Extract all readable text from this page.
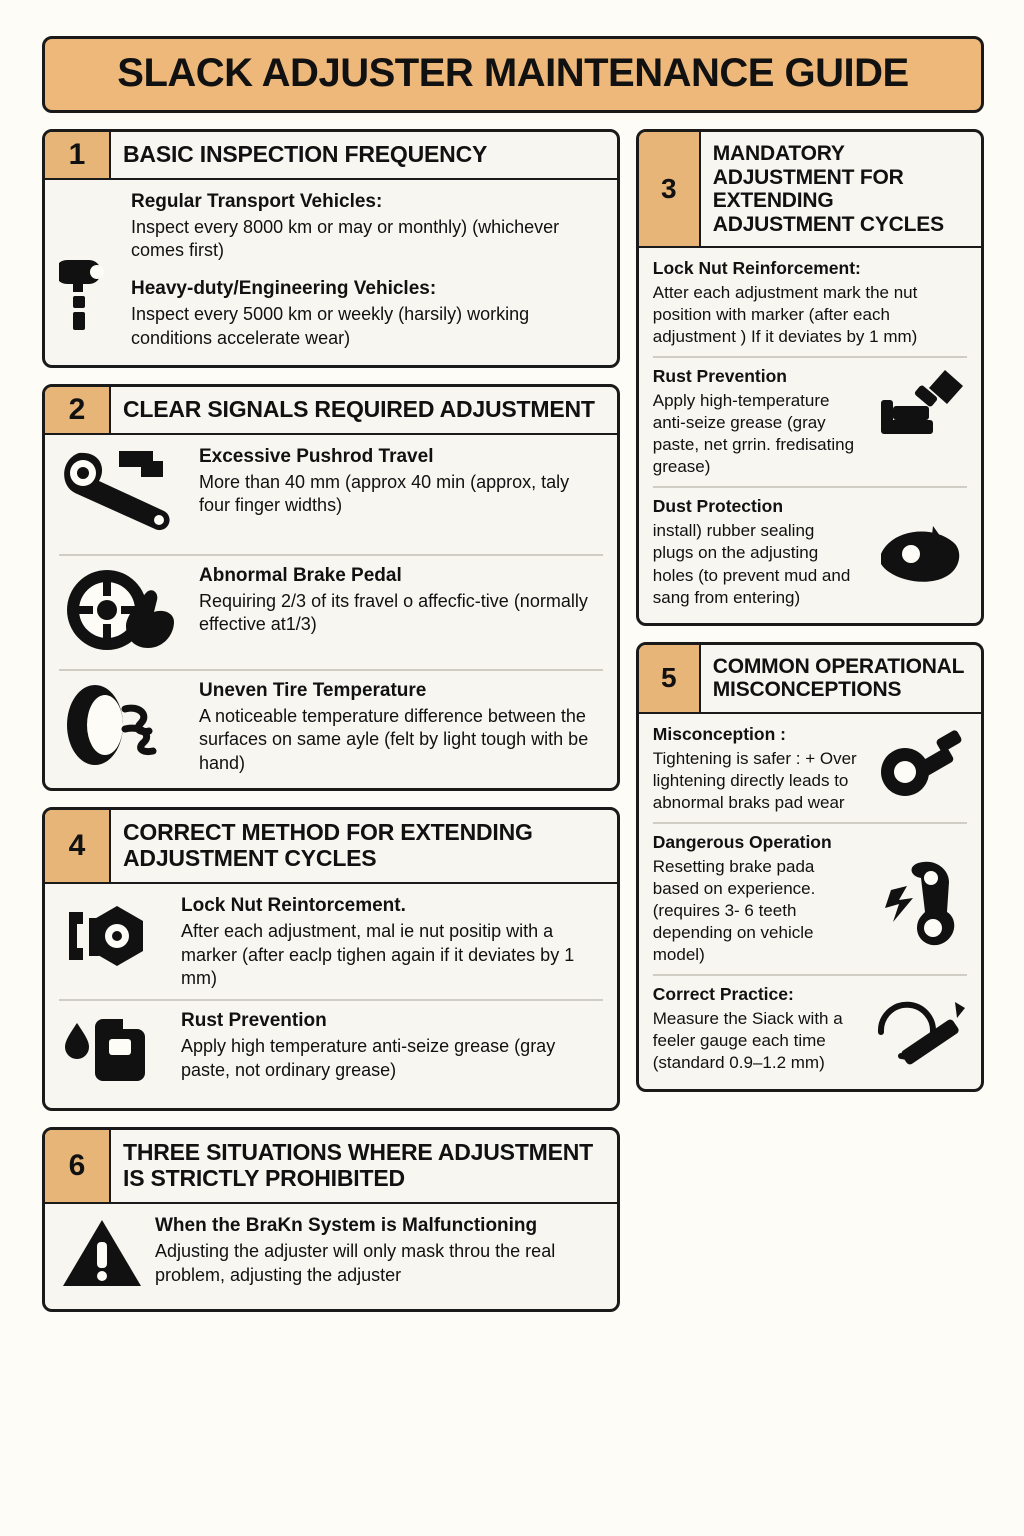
SLACK ADJUSTER MAINTENANCE GUIDE
1	BASIC INSPECTION FREQUENCY

Regular Transport Vehicles:

Inspect every 8000 km or may or monthly) (whichever comes first)

Heavy-duty/Engineering Vehicles:

Inspect every 5000 km or weekly (harsily) working conditions accelerate wear)

2	CLEAR SIGNALS REQUIRED ADJUSTMENT

Excessive Pushrod Travel

More than 40 mm (approx 40 min (approx, taly four finger widths)

Abnormal Brake Pedal

Requiring 2/3 of its fravel o affecfic-tive (normally effective at1/3)

Uneven Tire Temperature

A noticeable temperature difference between the surfaces on same ayle (felt by light tough with be hand)

4	CORRECT METHOD FOR EXTENDING ADJUSTMENT CYCLES

Lock Nut Reintorcement.

After each adjustment, mal ie nut positip with a marker (after eaclp tighen again if it deviates by 1 mm)

Rust Prevention

Apply high temperature anti-seize grease (gray paste, not ordinary grease)

6	THREE SITUATIONS WHERE ADJUSTMENT IS STRICTLY PROHIBITED

When the BraKn System is Malfunctioning

Adjusting the adjuster will only mask throu the real problem, adjusting the adjuster

3
MANDATORY ADJUSTMENT FOR EXTENDING ADJUSTMENT CYCLES

Lock Nut Reinforcement:

Atter each adjustment mark the nut position with marker (after each adjustment ) If it deviates by 1 mm)

Rust Prevention

Apply high-temperature anti-seize grease (gray paste, net grrin. fredisating grease)

Dust Protection

install) rubber sealing plugs on the adjusting holes (to prevent mud and sang from entering)

5	COMMON OPERATIONAL MISCONCEPTIONS

Misconception :

Tightening is safer : + Over lightening directly leads to abnormal braks pad wear

Dangerous Operation

Resetting brake pada based on experience. (requires 3- 6 teeth depending on vehicle model)

Correct Practice:

Measure the Siack with a feeler gauge each time (standard 0.9–1.2 mm)
